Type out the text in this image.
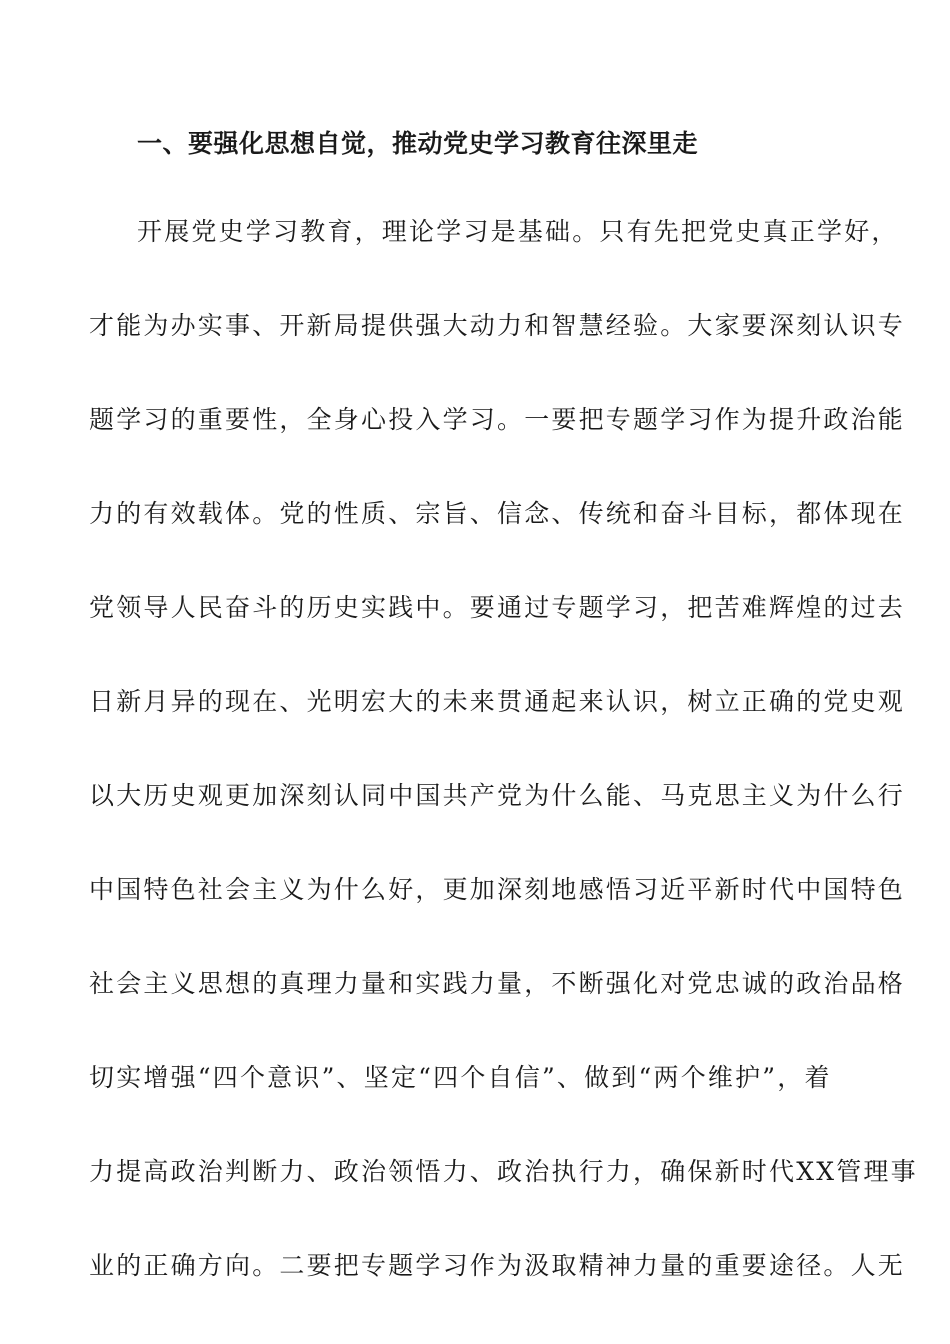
一、要强化思想自觉，推动党史学习教育往深里走
开展党史学习教育，理论学习是基础。只有先把党史真正学好，
才能为办实事、开新局提供强大动力和智慧经验。大家要深刻认识专
题学习的重要性，全身心投入学习。一要把专题学习作为提升政治能
力的有效载体。党的性质、宗旨、信念、传统和奋斗目标，都体现在
党领导人民奋斗的历史实践中。要通过专题学习，把苦难辉煌的过去
日新月异的现在、光明宏大的未来贯通起来认识，树立正确的党史观
以大历史观更加深刻认同中国共产党为什么能、马克思主义为什么行
中国特色社会主义为什么好，更加深刻地感悟习近平新时代中国特色
社会主义思想的真理力量和实践力量，不断强化对党忠诚的政治品格
切实增强“四个意识”、坚定“四个自信”、做到“两个维护”，着
力提高政治判断力、政治领悟力、政治执行力，确保新时代XX管理事
业的正确方向。二要把专题学习作为汲取精神力量的重要途径。人无
